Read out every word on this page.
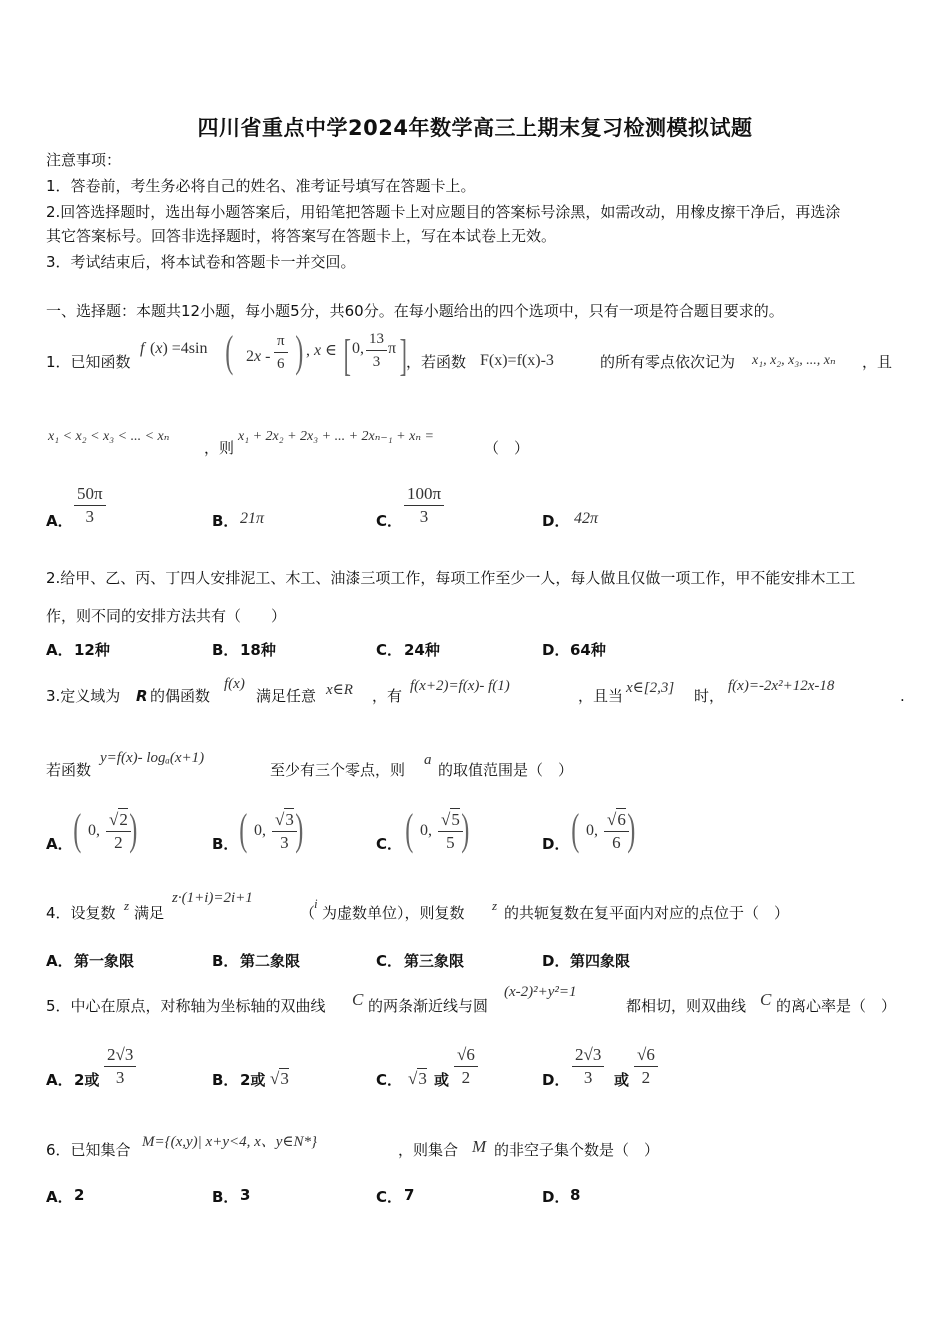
四川省重点中学2024年数学高三上期末复习检测模拟试题
注意事项：
1．答卷前，考生务必将自己的姓名、准考证号填写在答题卡上。
2.回答选择题时，选出每小题答案后，用铅笔把答题卡上对应题目的答案标号涂黑，如需改动，用橡皮擦干净后，再选涂
其它答案标号。回答非选择题时，将答案写在答题卡上，写在本试卷上无效。
3．考试结束后，将本试卷和答题卡一并交回。
一、选择题：本题共12小题，每小题5分，共60分。在每小题给出的四个选项中，只有一项是符合题目要求的。
1．已知函数
f (x) =4sin ( $2x - \frac{\pi}{6}$ ) , x ∈ [ 0, $\frac{13}{3}$ π ] ，若函数 F(x)=f(x)-3	的所有零点依次记为 x₁, x₂, x₃, ..., xₙ ，且
x₁ < x₂ < x₃ < ... < xₙ
，则
x₁ + 2x₂ + 2x₃ + ... + 2xₙ₋₁ + xₙ =
（　）
A． $\frac{50\pi}{3}$	B． 21π	C． $\frac{100\pi}{3}$	D． 42π
2.给甲、乙、丙、丁四人安排泥工、木工、油漆三项工作，每项工作至少一人，每人做且仅做一项工作，甲不能安排木工工
作，则不同的安排方法共有（　　）
A． 12种	B． 18种	C． 24种	D． 64种
3.定义域为 R 的偶函数
f(x)
满足任意 x∈R ，有
f(x+2)=f(x)- f(1)
，且当 x∈[2,3] 时，
f(x)=-2x²+12x-18
.
若函数
y=f(x)- logₐ(x+1)
至少有三个零点，则
a
的取值范围是（　）
A． ( 0, $\frac{√2}{2}$
)	B． ( 0, $\frac{√3}{3}$
)	C． ( 0, $\frac{√5}{5}$
)	D． ( 0, $\frac{√6}{6}$
)
4．设复数 z 满足
z·(1+i)=2i+1
（
i
为虚数单位），则复数 z 的共轭复数在复平面内对应的点位于（　）
A． 第一象限	B． 第二象限	C． 第三象限	D． 第四象限
5．中心在原点，对称轴为坐标轴的双曲线 C 的两条渐近线与圆
(x-2)²+y²=1
都相切，则双曲线 C 的离心率是（　）
A． 2或 $\frac{2√3}{3}$	B． 2或 √3	C． √3 或 $\frac{√6}{2}$	D． $\frac{2√3}{3}$ 或 $\frac{√6}{2}$
6．已知集合 M={(x,y)| x+y<4, x、y∈N*}	，则集合 M 的非空子集个数是（　）
A． 2	B． 3	C． 7	D． 8
